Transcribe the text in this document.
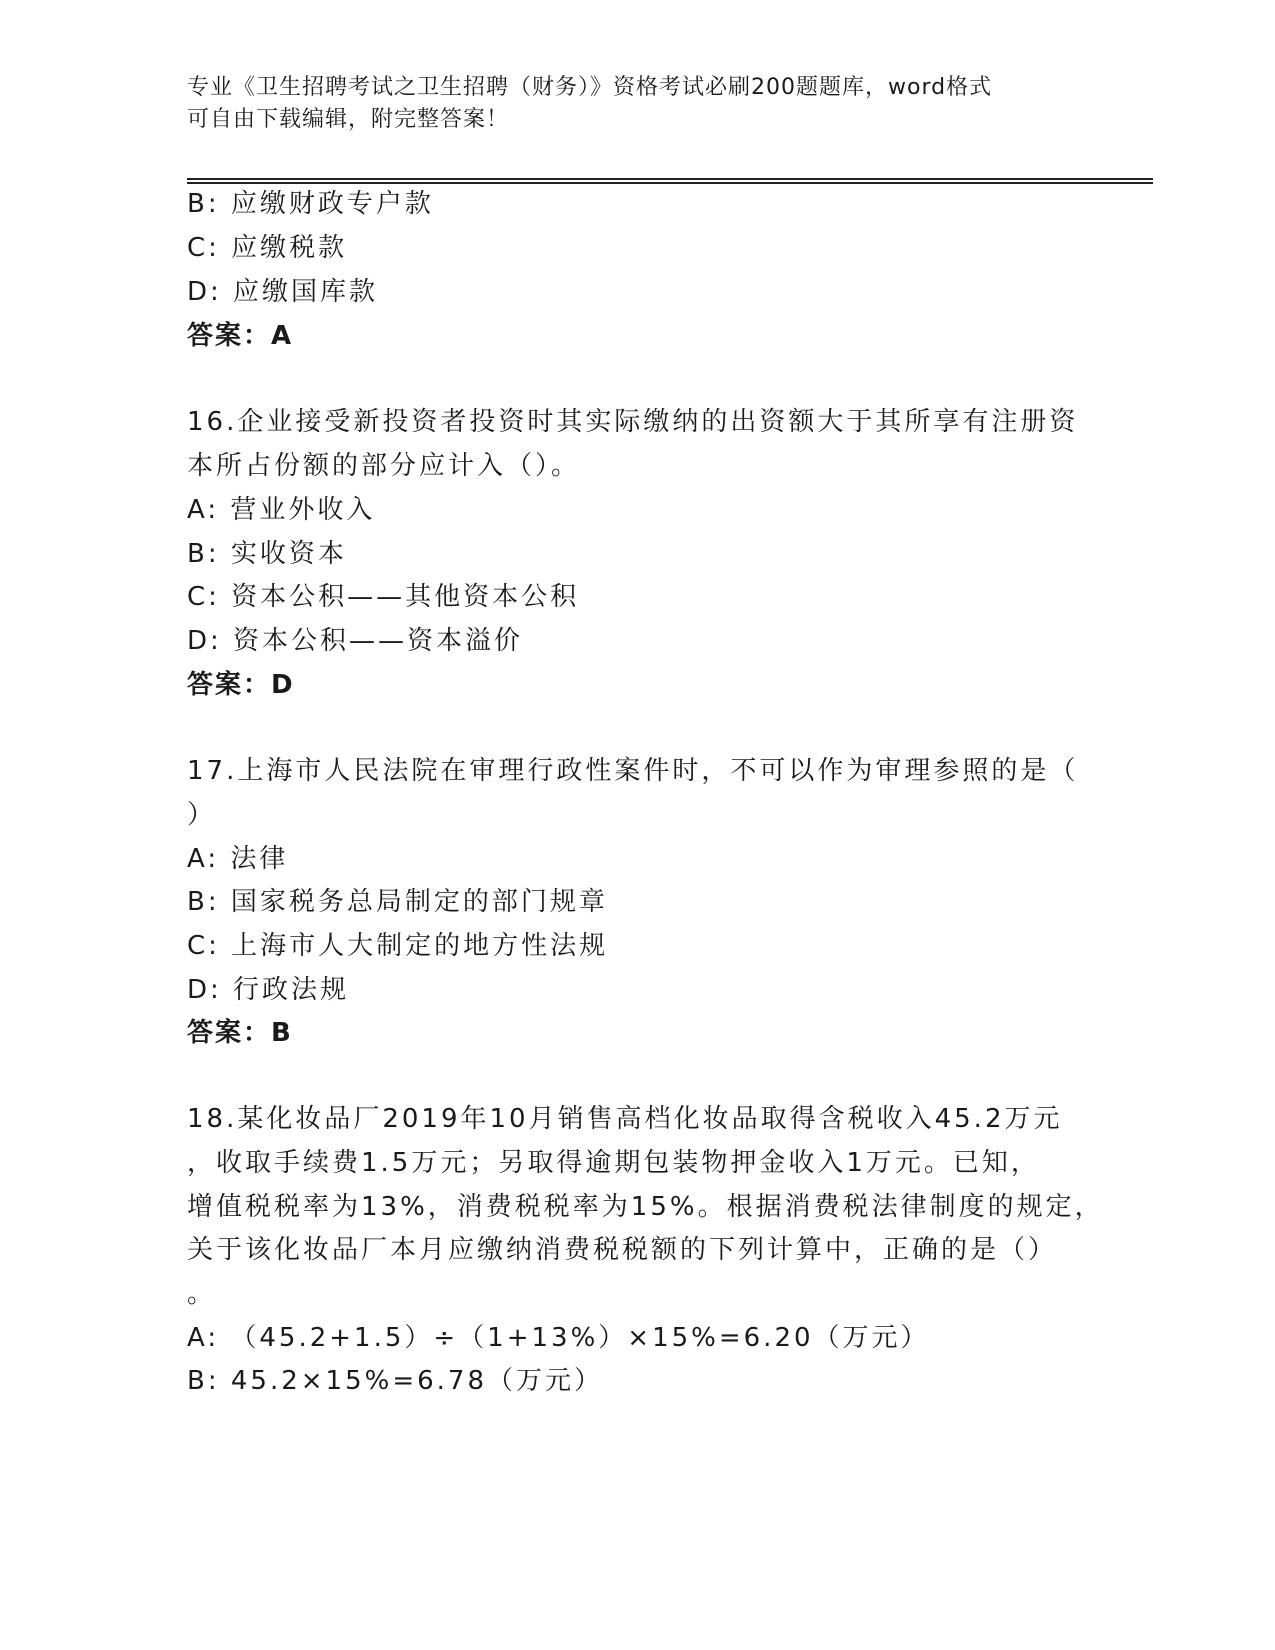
专业《卫生招聘考试之卫生招聘（财务）》资格考试必刷200题题库，word格式
可自由下载编辑，附完整答案！
B: 应缴财政专户款
C: 应缴税款
D: 应缴国库款
答案：A
16.企业接受新投资者投资时其实际缴纳的出资额大于其所享有注册资
本所占份额的部分应计入（）。
A: 营业外收入
B: 实收资本
C: 资本公积——其他资本公积
D: 资本公积——资本溢价
答案：D
17.上海市人民法院在审理行政性案件时，不可以作为审理参照的是（
）
A: 法律
B: 国家税务总局制定的部门规章
C: 上海市人大制定的地方性法规
D: 行政法规
答案：B
18.某化妆品厂2019年10月销售高档化妆品取得含税收入45.2万元
，收取手续费1.5万元；另取得逾期包装物押金收入1万元。已知，
增值税税率为13%，消费税税率为15%。根据消费税法律制度的规定，
关于该化妆品厂本月应缴纳消费税税额的下列计算中，正确的是（）
。
A: （45.2+1.5）÷（1+13%）×15%=6.20（万元）
B: 45.2×15%=6.78（万元）
